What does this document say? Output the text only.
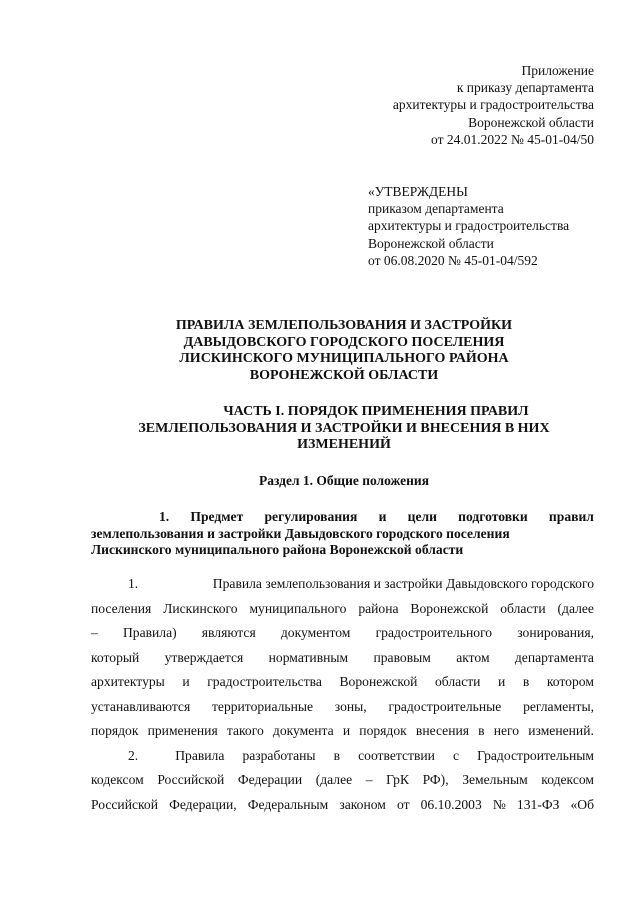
Приложение
к приказу департамента
архитектуры и градостроительства
Воронежской области
от 24.01.2022 № 45-01-04/50
«УТВЕРЖДЕНЫ
приказом департамента
архитектуры и градостроительства
Воронежской области
от 06.08.2020 № 45-01-04/592
ПРАВИЛА ЗЕМЛЕПОЛЬЗОВАНИЯ И ЗАСТРОЙКИ
ДАВЫДОВСКОГО ГОРОДСКОГО ПОСЕЛЕНИЯ
ЛИСКИНСКОГО МУНИЦИПАЛЬНОГО РАЙОНА
ВОРОНЕЖСКОЙ ОБЛАСТИ
ЧАСТЬ I. ПОРЯДОК ПРИМЕНЕНИЯ ПРАВИЛ
ЗЕМЛЕПОЛЬЗОВАНИЯ И ЗАСТРОЙКИ И ВНЕСЕНИЯ В НИХ
ИЗМЕНЕНИЙ
Раздел 1. Общие положения
1. Предмет регулирования и цели подготовки правил
землепользования и застройки Давыдовского городского поселения
Лискинского муниципального района Воронежской области
1.	Правила землепользования и застройки Давыдовского городского
поселения Лискинского муниципального района Воронежской области (далее
– Правила) являются документом градостроительного зонирования,
который утверждается нормативным правовым актом департамента
архитектуры и градостроительства Воронежской области и в котором
устанавливаются территориальные зоны, градостроительные регламенты,
порядок применения такого документа и порядок внесения в него изменений.
2.	Правила разработаны в соответствии с Градостроительным
кодексом Российской Федерации (далее – ГрК РФ), Земельным кодексом
Российской Федерации, Федеральным законом от 06.10.2003 № 131-ФЗ «Об
